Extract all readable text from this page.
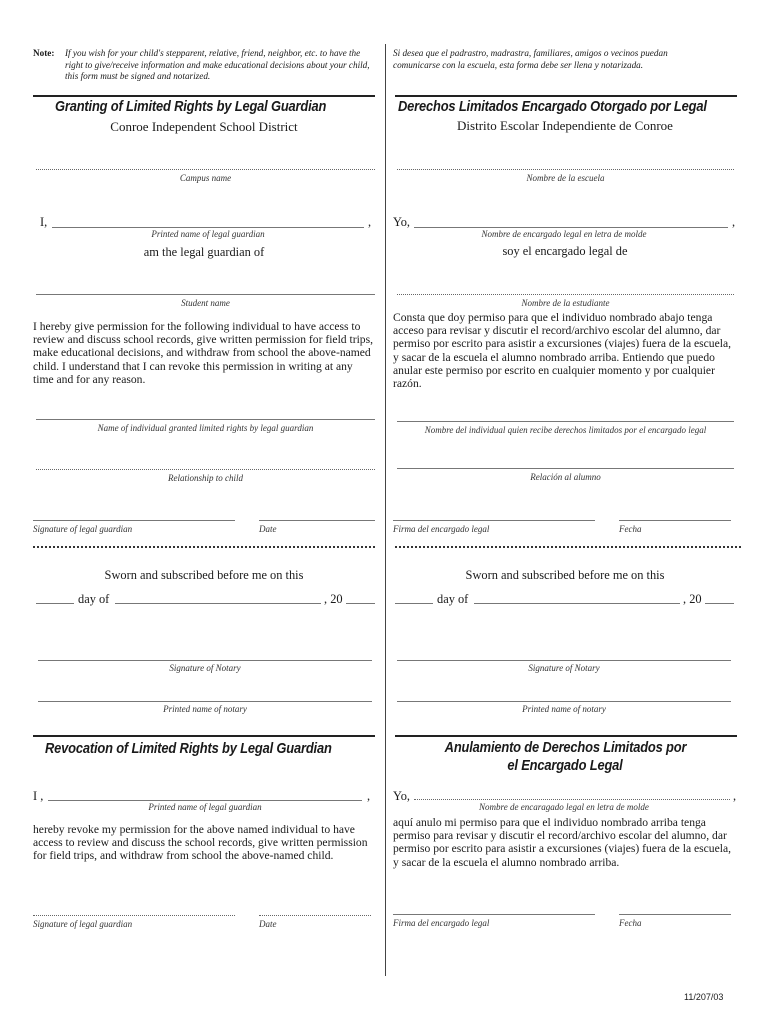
Note:	If you wish for your child's stepparent, relative, friend, neighbor, etc. to have the right to give/receive information and make educational decisions about your child, this form must be signed and notarized.
Si desea que el padrastro, madrastra, familiares, amigos o vecinos puedan comunicarse con la escuela, esta forma debe ser llena y notarizada.
Granting of Limited Rights by Legal Guardian	Derechos Limitados Encargado Otorgado por Legal
Conroe Independent School District	Distrito Escolar Independiente de Conroe
Campus name	Nombre de la escuela
I,	,
Printed name of legal guardian
Yo,	,
Nombre de encargado legal en letra de molde
am the legal guardian of	soy el encargado legal de
Student name	Nombre de la estudiante
I hereby give permission for the following individual to have access to review and discuss school records, give written permission for field trips, make educational decisions, and withdraw from school the above-named child. I understand that I can revoke this permission in writing at any time and for any reason.
Consta que doy permiso para que el individuo nombrado abajo tenga acceso para revisar y discutir el record/archivo escolar del alumno, dar permiso por escrito para asistir a excursiones (viajes) fuera de la escuela, y sacar de la escuela el alumno nombrado arriba. Entiendo que puedo anular este permiso por escrito en cualquier momento y por cualquier razón.
Name of individual granted limited rights by legal guardian	Nombre del individual quien recibe derechos limitados por el encargado legal
Relationship to child	Relación al alumno
Signature of legal guardian	Date	Firma del encargado legal	Fecha
Sworn and subscribed before me on this
day of	, 20
Signature of Notary
Printed name of notary
Sworn and subscribed before me on this
day of	, 20
Signature of Notary
Printed name of notary
Revocation of Limited Rights by Legal Guardian	Anulamiento de Derechos Limitados por
el Encargado Legal
I ,	,
Printed name of legal guardian
Yo,	,
Nombre de encaragado legal en letra de molde
hereby revoke my permission for the above named individual to have access to review and discuss the school records, give written permission for field trips, and withdraw from school the above-named child.
aquí anulo mi permiso para que el individuo nombrado arriba tenga permiso para revisar y discutir el record/archivo escolar del alumno, dar permiso por escrito para asistir a excursiones (viajes) fuera de la escuela, y sacar de la escuela el alumno nombrado arriba.
Signature of legal guardian	Date	Firma del encargado legal	Fecha
11/207/03
